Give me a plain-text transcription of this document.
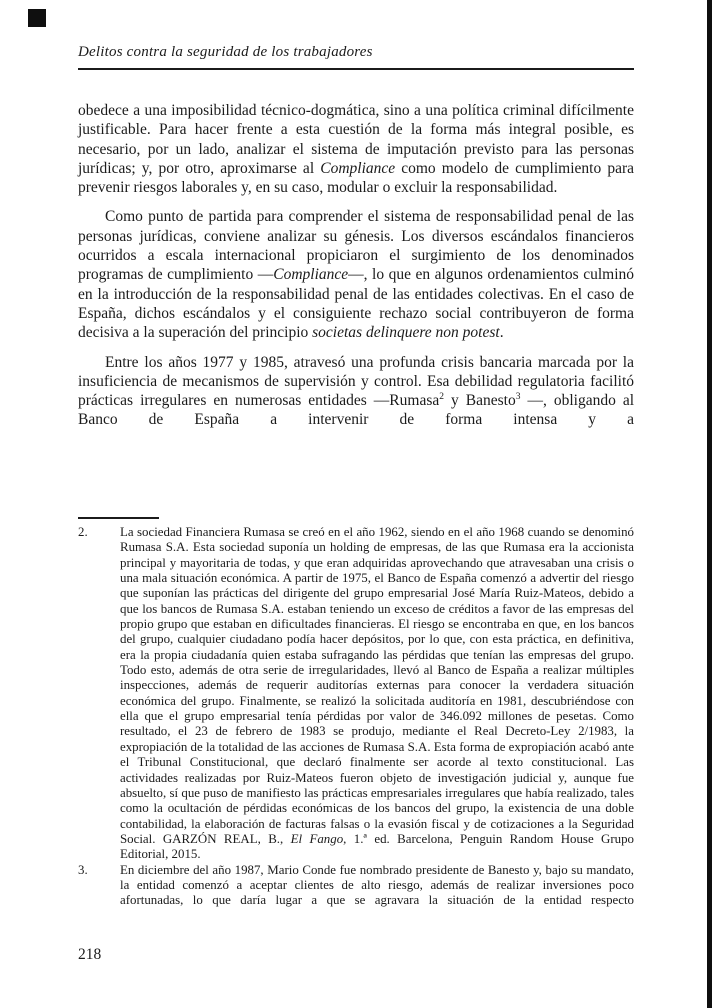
Delitos contra la seguridad de los trabajadores

obedece a una imposibilidad técnico-dogmática, sino a una política criminal difícilmente justificable. Para hacer frente a esta cuestión de la forma más integral posible, es necesario, por un lado, analizar el sistema de imputación previsto para las personas jurídicas; y, por otro, aproximarse al Compliance como modelo de cumplimiento para prevenir riesgos laborales y, en su caso, modular o excluir la responsabilidad.

Como punto de partida para comprender el sistema de responsabilidad penal de las personas jurídicas, conviene analizar su génesis. Los diversos escándalos financieros ocurridos a escala internacional propiciaron el surgimiento de los denominados programas de cumplimiento —Compliance—, lo que en algunos ordenamientos culminó en la introducción de la responsabilidad penal de las entidades colectivas. En el caso de España, dichos escándalos y el consiguiente rechazo social contribuyeron de forma decisiva a la superación del principio societas delinquere non potest.

Entre los años 1977 y 1985, atravesó una profunda crisis bancaria marcada por la insuficiencia de mecanismos de supervisión y control. Esa debilidad regulatoria facilitó prácticas irregulares en numerosas entidades —Rumasa$^2$ y Banesto$^3$ —, obligando al Banco de España a intervenir de forma intensa y a

2.	La sociedad Financiera Rumasa se creó en el año 1962, siendo en el año 1968 cuando se denominó Rumasa S.A. Esta sociedad suponía un holding de empresas, de las que Rumasa era la accionista principal y mayoritaria de todas, y que eran adquiridas aprovechando que atravesaban una crisis o una mala situación económica. A partir de 1975, el Banco de España comenzó a advertir del riesgo que suponían las prácticas del dirigente del grupo empresarial José María Ruiz-Mateos, debido a que los bancos de Rumasa S.A. estaban teniendo un exceso de créditos a favor de las empresas del propio grupo que estaban en dificultades financieras. El riesgo se encontraba en que, en los bancos del grupo, cualquier ciudadano podía hacer depósitos, por lo que, con esta práctica, en definitiva, era la propia ciudadanía quien estaba sufragando las pérdidas que tenían las empresas del grupo. Todo esto, además de otra serie de irregularidades, llevó al Banco de España a realizar múltiples inspecciones, además de requerir auditorías externas para conocer la verdadera situación económica del grupo. Finalmente, se realizó la solicitada auditoría en 1981, descubriéndose con ella que el grupo empresarial tenía pérdidas por valor de 346.092 millones de pesetas. Como resultado, el 23 de febrero de 1983 se produjo, mediante el Real Decreto-Ley 2/1983, la expropiación de la totalidad de las acciones de Rumasa S.A. Esta forma de expropiación acabó ante el Tribunal Constitucional, que declaró finalmente ser acorde al texto constitucional. Las actividades realizadas por Ruiz-Mateos fueron objeto de investigación judicial y, aunque fue absuelto, sí que puso de manifiesto las prácticas empresariales irregulares que había realizado, tales como la ocultación de pérdidas económicas de los bancos del grupo, la existencia de una doble contabilidad, la elaboración de facturas falsas o la evasión fiscal y de cotizaciones a la Seguridad Social. GARZÓN REAL, B., El Fango, 1.ª ed. Barcelona, Penguin Random House Grupo Editorial, 2015.
3.	En diciembre del año 1987, Mario Conde fue nombrado presidente de Banesto y, bajo su mandato, la entidad comenzó a aceptar clientes de alto riesgo, además de realizar inversiones poco afortunadas, lo que daría lugar a que se agravara la situación de la entidad respecto
218
